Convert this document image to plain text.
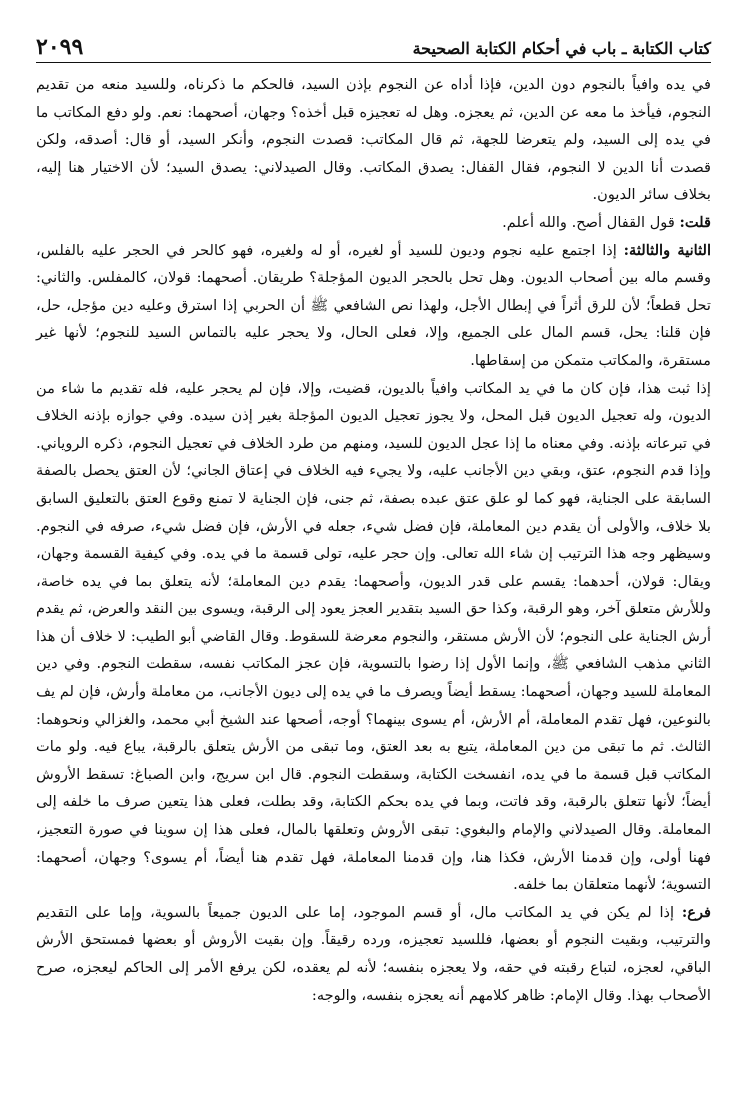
كتاب الكتابة ـ باب في أحكام الكتابة الصحيحة
٢٠٩٩

في يده وافياً بالنجوم دون الدين، فإذا أداه عن النجوم بإذن السيد، فالحكم ما ذكرناه، وللسيد منعه من تقديم النجوم، فيأخذ ما معه عن الدين، ثم يعجزه. وهل له تعجيزه قبل أخذه؟ وجهان، أصحهما: نعم. ولو دفع المكاتب ما في يده إلى السيد، ولم يتعرضا للجهة، ثم قال المكاتب: قصدت النجوم، وأنكر السيد، أو قال: أصدقه، ولكن قصدت أنا الدين لا النجوم، فقال القفال: يصدق المكاتب. وقال الصيدلاني: يصدق السيد؛ لأن الاختيار هنا إليه، بخلاف سائر الديون.

قلت: قول القفال أصح. والله أعلم.

الثانية والثالثة: إذا اجتمع عليه نجوم وديون للسيد أو لغيره، أو له ولغيره، فهو كالحر في الحجر عليه بالفلس، وقسم ماله بين أصحاب الديون. وهل تحل بالحجر الديون المؤجلة؟ طريقان. أصحهما: قولان، كالمفلس. والثاني: تحل قطعاً؛ لأن للرق أثراً في إبطال الأجل، ولهذا نص الشافعي ﷺ أن الحربي إذا استرق وعليه دين مؤجل، حل، فإن قلنا: يحل، قسم المال على الجميع، وإلا، فعلى الحال، ولا يحجر عليه بالتماس السيد للنجوم؛ لأنها غير مستقرة، والمكاتب متمكن من إسقاطها.

إذا ثبت هذا، فإن كان ما في يد المكاتب وافياً بالديون، قضيت، وإلا، فإن لم يحجر عليه، فله تقديم ما شاء من الديون، وله تعجيل الديون قبل المحل، ولا يجوز تعجيل الديون المؤجلة بغير إذن سيده. وفي جوازه بإذنه الخلاف في تبرعاته بإذنه. وفي معناه ما إذا عجل الديون للسيد، ومنهم من طرد الخلاف في تعجيل النجوم، ذكره الروياني. وإذا قدم النجوم، عتق، وبقي دين الأجانب عليه، ولا يجيء فيه الخلاف في إعتاق الجاني؛ لأن العتق يحصل بالصفة السابقة على الجناية، فهو كما لو علق عتق عبده بصفة، ثم جنى، فإن الجناية لا تمنع وقوع العتق بالتعليق السابق بلا خلاف، والأولى أن يقدم دين المعاملة، فإن فضل شيء، جعله في الأرش، فإن فضل شيء، صرفه في النجوم. وسيظهر وجه هذا الترتيب إن شاء الله تعالى. وإن حجر عليه، تولى قسمة ما في يده. وفي كيفية القسمة وجهان، ويقال: قولان، أحدهما: يقسم على قدر الديون، وأصحهما: يقدم دين المعاملة؛ لأنه يتعلق بما في يده خاصة، وللأرش متعلق آخر، وهو الرقبة، وكذا حق السيد بتقدير العجز يعود إلى الرقبة، ويسوى بين النقد والعرض، ثم يقدم أرش الجناية على النجوم؛ لأن الأرش مستقر، والنجوم معرضة للسقوط. وقال القاضي أبو الطيب: لا خلاف أن هذا الثاني مذهب الشافعي ﷺ، وإنما الأول إذا رضوا بالتسوية، فإن عجز المكاتب نفسه، سقطت النجوم. وفي دين المعاملة للسيد وجهان، أصحهما: يسقط أيضاً ويصرف ما في يده إلى ديون الأجانب، من معاملة وأرش، فإن لم يف بالنوعين، فهل تقدم المعاملة، أم الأرش، أم يسوى بينهما؟ أوجه، أصحها عند الشيخ أبي محمد، والغزالي ونحوهما: الثالث. ثم ما تبقى من دين المعاملة، يتبع به بعد العتق، وما تبقى من الأرش يتعلق بالرقبة، يباع فيه. ولو مات المكاتب قبل قسمة ما في يده، انفسخت الكتابة، وسقطت النجوم. قال ابن سريج، وابن الصباغ: تسقط الأروش أيضاً؛ لأنها تتعلق بالرقبة، وقد فاتت، وبما في يده بحكم الكتابة، وقد بطلت، فعلى هذا يتعين صرف ما خلفه إلى المعاملة. وقال الصيدلاني والإمام والبغوي: تبقى الأروش وتعلقها بالمال، فعلى هذا إن سوينا في صورة التعجيز، فهنا أولى، وإن قدمنا الأرش، فكذا هنا، وإن قدمنا المعاملة، فهل تقدم هنا أيضاً، أم يسوى؟ وجهان، أصحهما: التسوية؛ لأنهما متعلقان بما خلفه.

فرع: إذا لم يكن في يد المكاتب مال، أو قسم الموجود، إما على الديون جميعاً بالسوية، وإما على التقديم والترتيب، وبقيت النجوم أو بعضها، فللسيد تعجيزه، ورده رقيقاً. وإن بقيت الأروش أو بعضها فمستحق الأرش الباقي، لعجزه، لتباع رقبته في حقه، ولا يعجزه بنفسه؛ لأنه لم يعقده، لكن يرفع الأمر إلى الحاكم ليعجزه، صرح الأصحاب بهذا. وقال الإمام: ظاهر كلامهم أنه يعجزه بنفسه، والوجه:
